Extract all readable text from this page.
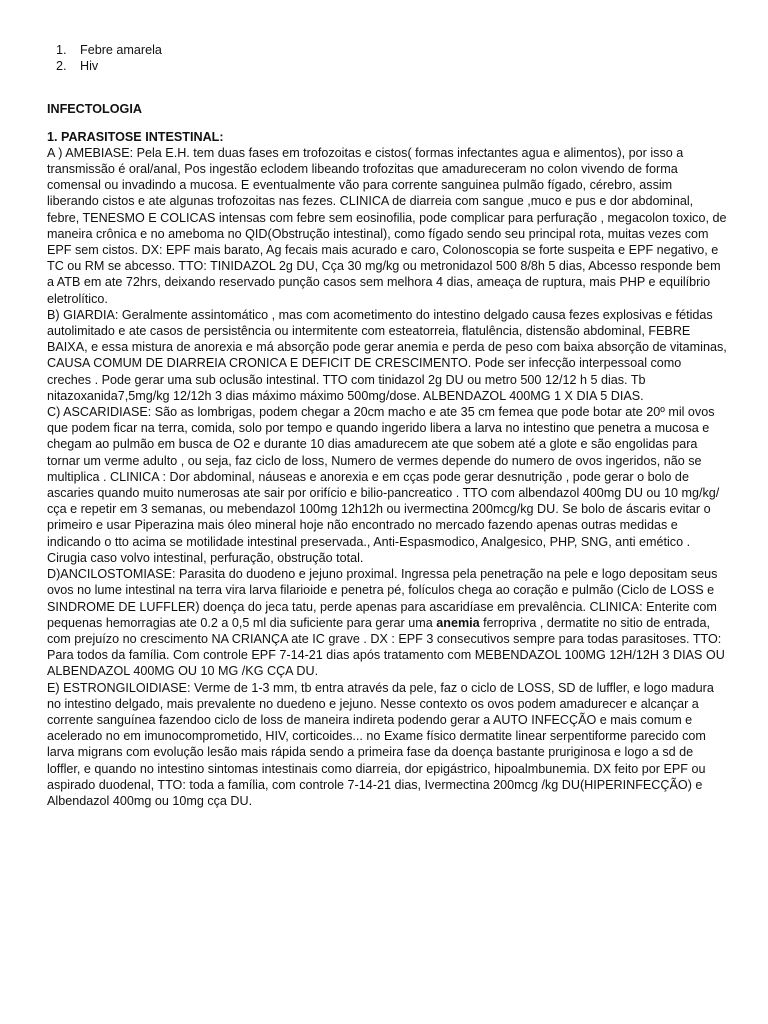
1.	Febre amarela
2.	Hiv

INFECTOLOGIA

1. PARASITOSE INTESTINAL:

A ) AMEBIASE: Pela E.H. tem duas fases em trofozoitas e cistos( formas infectantes agua e alimentos), por isso a transmissão é oral/anal, Pos ingestão eclodem libeando trofozitas que amadureceram no colon vivendo de forma comensal ou invadindo a mucosa. E eventualmente vão para corrente sanguinea pulmão fígado, cérebro, assim liberando cistos e ate algunas trofozoitas nas fezes. CLINICA de diarreia com sangue ,muco e pus e dor abdominal, febre, TENESMO E COLICAS intensas com febre sem eosinofilia, pode complicar para perfuração , megacolon toxico, de maneira crônica e no ameboma no QID(Obstrução intestinal), como fígado sendo seu principal rota, muitas vezes com EPF sem cistos. DX: EPF mais barato, Ag fecais mais acurado e caro, Colonoscopia se forte suspeita e EPF negativo, e TC ou RM se abcesso. TTO: TINIDAZOL 2g DU, Cça 30 mg/kg ou metronidazol 500 8/8h 5 dias, Abcesso responde bem a ATB em ate 72hrs, deixando reservado punção casos sem melhora 4 dias, ameaça de ruptura, mais PHP e equilíbrio eletrolítico.

B) GIARDIA: Geralmente assintomático , mas com acometimento do intestino delgado causa fezes explosivas e fétidas autolimitado e ate casos de persistência ou intermitente com esteatorreia, flatulência, distensão abdominal, FEBRE BAIXA, e essa mistura de anorexia e má absorção pode gerar anemia e perda de peso com baixa absorção de vitaminas, CAUSA COMUM DE DIARREIA CRONICA E DEFICIT DE CRESCIMENTO. Pode ser infecção interpessoal como creches . Pode gerar uma sub oclusão intestinal. TTO com tinidazol 2g DU ou metro 500 12/12 h 5 dias. Tb nitazoxanida7,5mg/kg 12/12h 3 dias máximo máximo 500mg/dose. ALBENDAZOL 400MG 1 X DIA 5 DIAS.

C) ASCARIDIASE: São as lombrigas, podem chegar a 20cm macho e ate 35 cm femea que pode botar ate 20º mil ovos que podem ficar na terra, comida, solo por tempo e quando ingerido libera a larva no intestino que penetra a mucosa e chegam ao pulmão em busca de O2 e durante 10 dias amadurecem ate que sobem até a glote e são engolidas para tornar um verme adulto , ou seja, faz ciclo de loss, Numero de vermes depende do numero de ovos ingeridos, não se multiplica . CLINICA : Dor abdominal, náuseas e anorexia e em cças pode gerar desnutrição , pode gerar o bolo de ascaries quando muito numerosas ate sair por orifício e bilio-pancreatico . TTO com albendazol 400mg DU ou 10 mg/kg/ cça e repetir em 3 semanas, ou mebendazol 100mg 12h12h ou ivermectina 200mcg/kg DU. Se bolo de áscaris evitar o primeiro e usar Piperazina mais óleo mineral hoje não encontrado no mercado fazendo apenas outras medidas e indicando o tto acima se motilidade intestinal preservada., Anti-Espasmodico, Analgesico, PHP, SNG, anti emético . Cirugia caso volvo intestinal, perfuração, obstrução total.

D)ANCILOSTOMIASE: Parasita do duodeno e jejuno proximal. Ingressa pela penetração na pele e logo depositam seus ovos no lume intestinal na terra vira larva filarioide e penetra pé, folículos chega ao coração e pulmão (Ciclo de LOSS e SINDROME DE LUFFLER) doença do jeca tatu, perde apenas para ascaridíase em prevalência. CLINICA: Enterite com pequenas hemorragias ate 0.2 a 0,5 ml dia suficiente para gerar uma anemia ferropriva , dermatite no sitio de entrada, com prejuízo no crescimento NA CRIANÇA ate IC grave . DX : EPF 3 consecutivos sempre para todas parasitoses. TTO: Para todos da família. Com controle EPF 7-14-21 dias após tratamento com MEBENDAZOL 100MG 12H/12H 3 DIAS OU ALBENDAZOL 400MG OU 10 MG /KG CÇA DU.

E) ESTRONGILOIDIASE: Verme de 1-3 mm, tb entra através da pele, faz o ciclo de LOSS, SD de luffler, e logo madura no intestino delgado, mais prevalente no duedeno e jejuno. Nesse contexto os ovos podem amadurecer e alcançar a corrente sanguínea fazendoo ciclo de loss de maneira indireta podendo gerar a AUTO INFECÇÃO e mais comum e acelerado no em imunocomprometido, HIV, corticoides... no Exame físico dermatite linear serpentiforme parecido com larva migrans com evolução lesão mais rápida sendo a primeira fase da doença bastante pruriginosa e logo a sd de loffler, e quando no intestino sintomas intestinais como diarreia, dor epigástrico, hipoalmbunemia. DX feito por EPF ou aspirado duodenal, TTO: toda a família, com controle 7-14-21 dias, Ivermectina 200mcg /kg DU(HIPERINFECÇÃO) e Albendazol 400mg ou 10mg cça DU.
